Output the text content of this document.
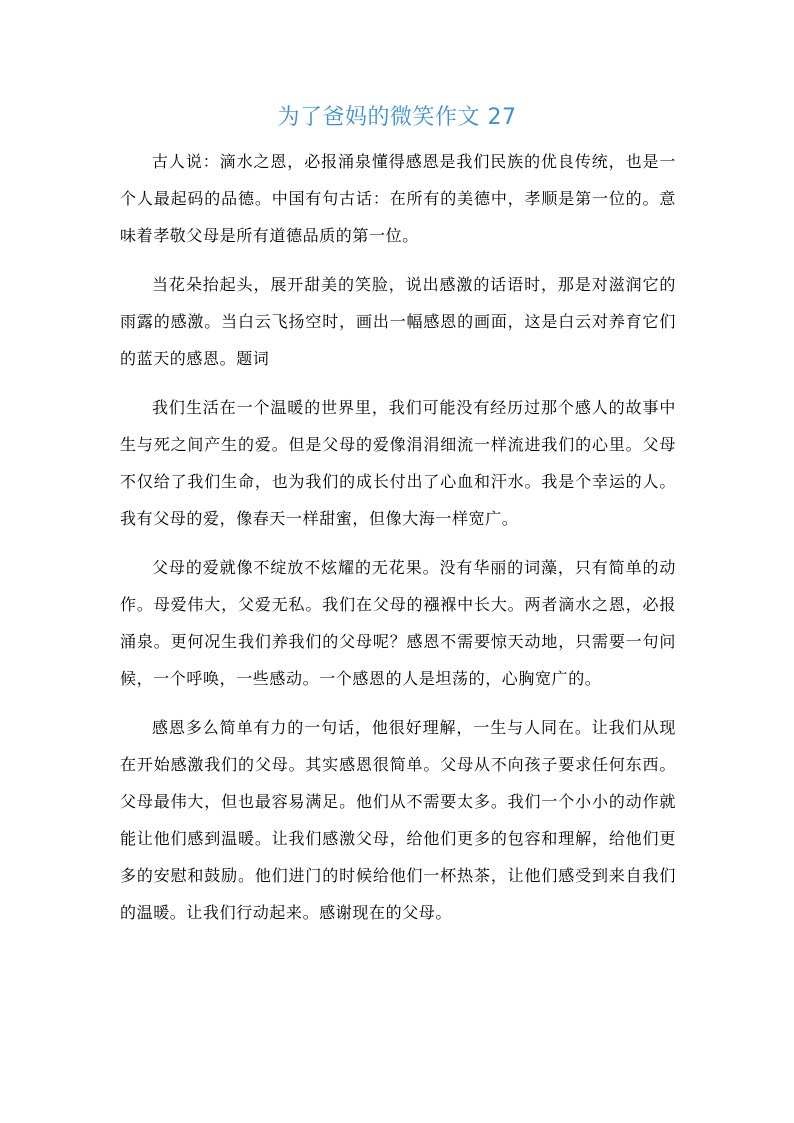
为了爸妈的微笑作文 27

古人说：滴水之恩，必报涌泉懂得感恩是我们民族的优良传统，也是一个人最起码的品德。中国有句古话：在所有的美德中，孝顺是第一位的。意味着孝敬父母是所有道德品质的第一位。

当花朵抬起头，展开甜美的笑脸，说出感激的话语时，那是对滋润它的雨露的感激。当白云飞扬空时，画出一幅感恩的画面，这是白云对养育它们的蓝天的感恩。题词

我们生活在一个温暖的世界里，我们可能没有经历过那个感人的故事中生与死之间产生的爱。但是父母的爱像涓涓细流一样流进我们的心里。父母不仅给了我们生命，也为我们的成长付出了心血和汗水。我是个幸运的人。我有父母的爱，像春天一样甜蜜，但像大海一样宽广。

父母的爱就像不绽放不炫耀的无花果。没有华丽的词藻，只有简单的动作。母爱伟大，父爱无私。我们在父母的襁褓中长大。两者滴水之恩，必报涌泉。更何况生我们养我们的父母呢？感恩不需要惊天动地，只需要一句问候，一个呼唤，一些感动。一个感恩的人是坦荡的，心胸宽广的。

感恩多么简单有力的一句话，他很好理解，一生与人同在。让我们从现在开始感激我们的父母。其实感恩很简单。父母从不向孩子要求任何东西。父母最伟大，但也最容易满足。他们从不需要太多。我们一个小小的动作就能让他们感到温暖。让我们感激父母，给他们更多的包容和理解，给他们更多的安慰和鼓励。他们进门的时候给他们一杯热茶，让他们感受到来自我们的温暖。让我们行动起来。感谢现在的父母。
